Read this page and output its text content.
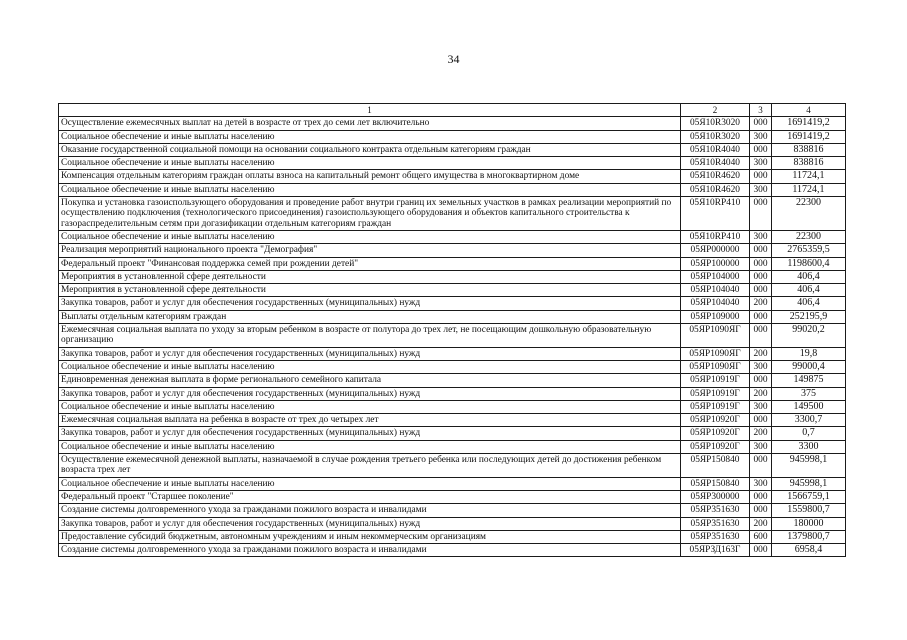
34
1	2	3	4
Осуществление ежемесячных выплат на детей в возрасте от трех до семи лет включительно	05Я10R3020	000	1691419,2
Социальное обеспечение и иные выплаты населению	05Я10R3020	300	1691419,2
Оказание государственной социальной помощи на основании социального контракта отдельным категориям граждан	05Я10R4040	000	838816
Социальное обеспечение и иные выплаты населению	05Я10R4040	300	838816
Компенсация отдельным категориям граждан оплаты взноса на капитальный ремонт общего имущества в многоквартирном доме	05Я10R4620	000	11724,1
Социальное обеспечение и иные выплаты населению	05Я10R4620	300	11724,1
Покупка и установка газоиспользующего оборудования и проведение работ внутри границ их земельных участков в рамках реализации мероприятий по осуществлению подключения (технологического присоединения) газоиспользующего оборудования и объектов капитального строительства к газораспределительным сетям при догазификации отдельным категориям граждан	05Я10RP410	000	22300
Социальное обеспечение и иные выплаты населению	05Я10RP410	300	22300
Реализация мероприятий национального проекта "Демография"	05ЯР000000	000	2765359,5
Федеральный проект "Финансовая поддержка семей при рождении детей"	05ЯР100000	000	1198600,4
Мероприятия в установленной сфере деятельности	05ЯР104000	000	406,4
Мероприятия в установленной сфере деятельности	05ЯР104040	000	406,4
Закупка товаров, работ и услуг для обеспечения государственных (муниципальных) нужд	05ЯР104040	200	406,4
Выплаты отдельным категориям граждан	05ЯР109000	000	252195,9
Ежемесячная социальная выплата по уходу за вторым ребенком в возрасте от полутора до трех лет, не посещающим дошкольную образовательную организацию	05ЯР1090ЯГ	000	99020,2
Закупка товаров, работ и услуг для обеспечения государственных (муниципальных) нужд	05ЯР1090ЯГ	200	19,8
Социальное обеспечение и иные выплаты населению	05ЯР1090ЯГ	300	99000,4
Единовременная денежная выплата в форме регионального семейного капитала	05ЯР10919Г	000	149875
Закупка товаров, работ и услуг для обеспечения государственных (муниципальных) нужд	05ЯР10919Г	200	375
Социальное обеспечение и иные выплаты населению	05ЯР10919Г	300	149500
Ежемесячная социальная выплата на ребенка в возрасте от трех до четырех лет	05ЯР10920Г	000	3300,7
Закупка товаров, работ и услуг для обеспечения государственных (муниципальных) нужд	05ЯР10920Г	200	0,7
Социальное обеспечение и иные выплаты населению	05ЯР10920Г	300	3300
Осуществление ежемесячной денежной выплаты, назначаемой в случае рождения третьего ребенка или последующих детей до достижения ребенком возраста трех лет	05ЯР150840	000	945998,1
Социальное обеспечение и иные выплаты населению	05ЯР150840	300	945998,1
Федеральный проект "Старшее поколение"	05ЯР300000	000	1566759,1
Создание системы долговременного ухода за гражданами пожилого возраста и инвалидами	05ЯР351630	000	1559800,7
Закупка товаров, работ и услуг для обеспечения государственных (муниципальных) нужд	05ЯР351630	200	180000
Предоставление субсидий бюджетным, автономным учреждениям и иным некоммерческим организациям	05ЯР351630	600	1379800,7
Создание системы долговременного ухода за гражданами пожилого возраста и инвалидами	05ЯРЗД163Г	000	6958,4
